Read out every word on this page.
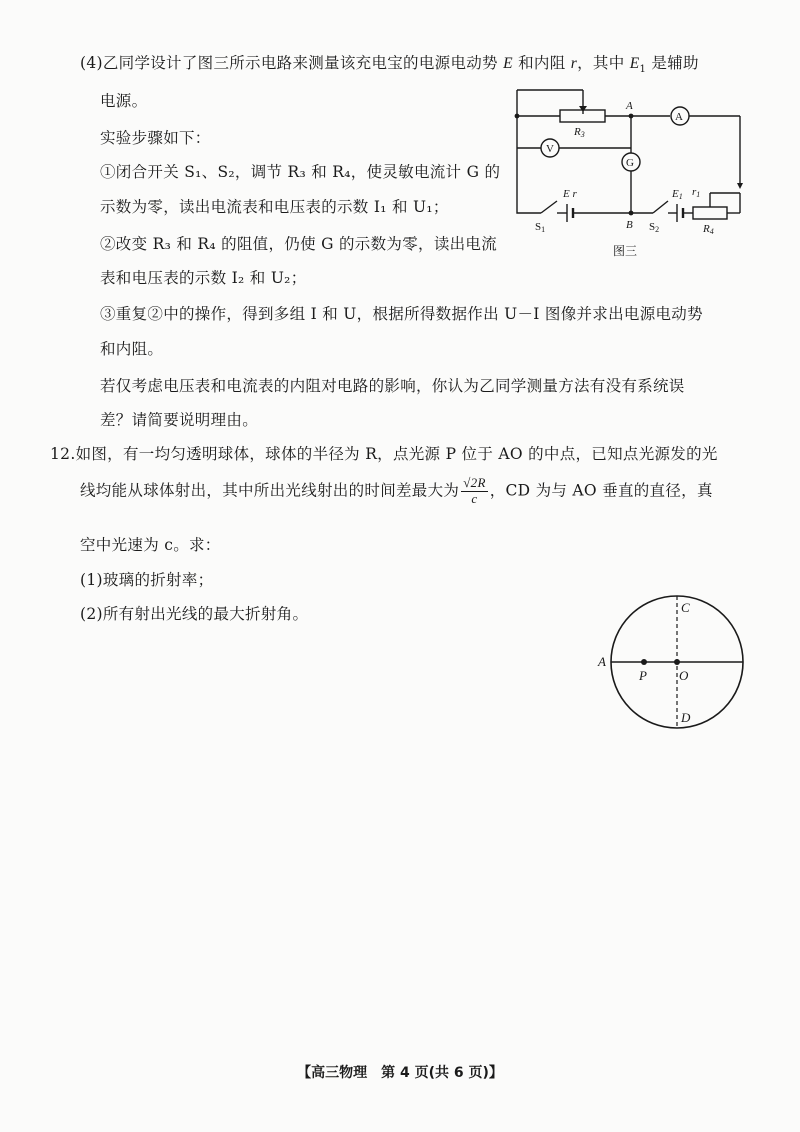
(4)乙同学设计了图三所示电路来测量该充电宝的电源电动势 E 和内阻 r，其中 $E_1$ 是辅助
电源。
实验步骤如下：
①闭合开关 S₁、S₂，调节 R₃ 和 R₄，使灵敏电流计 G 的
示数为零，读出电流表和电压表的示数 I₁ 和 U₁；
②改变 R₃ 和 R₄ 的阻值，仍使 G 的示数为零，读出电流
表和电压表的示数 I₂ 和 U₂；
③重复②中的操作，得到多组 I 和 U，根据所得数据作出 U－I 图像并求出电源电动势
和内阻。
若仅考虑电压表和电流表的内阻对电路的影响，你认为乙同学测量方法有没有系统误
差？请简要说明理由。
A
B
A
V
G
R3
R4
E r	E1 r1
S1	S2
图三
12.如图，有一均匀透明球体，球体的半径为 R，点光源 P 位于 AO 的中点，已知点光源发的光
线均能从球体射出，其中所出光线射出的时间差最大为 $\frac{√2R}{c}$ ，CD 为与 AO 垂直的直径，真
空中光速为 c。求：
(1)玻璃的折射率；
(2)所有射出光线的最大折射角。
A
P O
C
D
【高三物理　第 4 页(共 6 页)】
